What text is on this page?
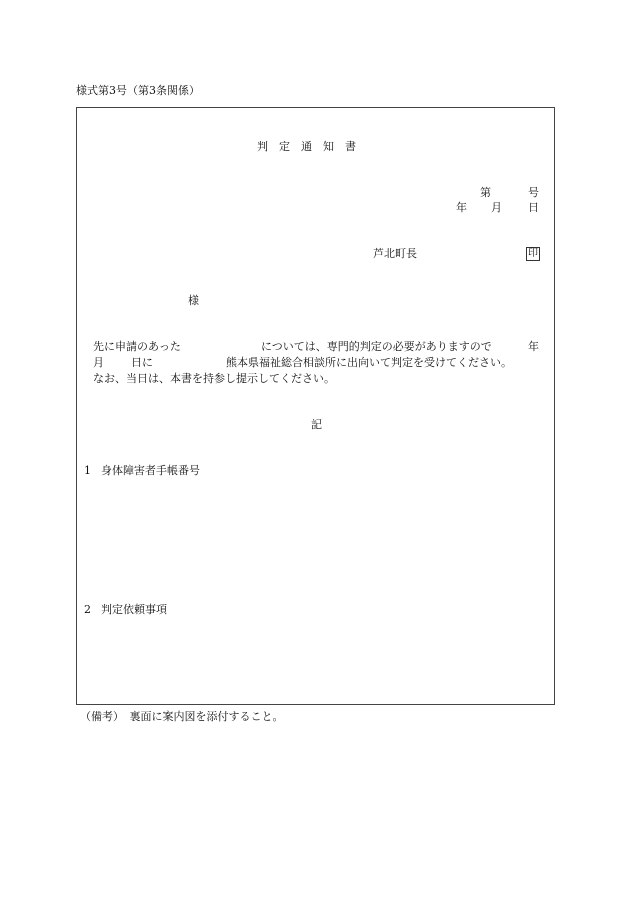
様式第3号（第3条関係）
判　定　通　知　書
第	号
年 月 日
芦北町長	印
様
先に申請のあった	については、専門的判定の必要がありますので	年
月 日に	熊本県福祉総合相談所に出向いて判定を受けてください。
なお、当日は、本書を持参し提示してください。
記
1 身体障害者手帳番号
2 判定依頼事項
（備考）　裏面に案内図を添付すること。
